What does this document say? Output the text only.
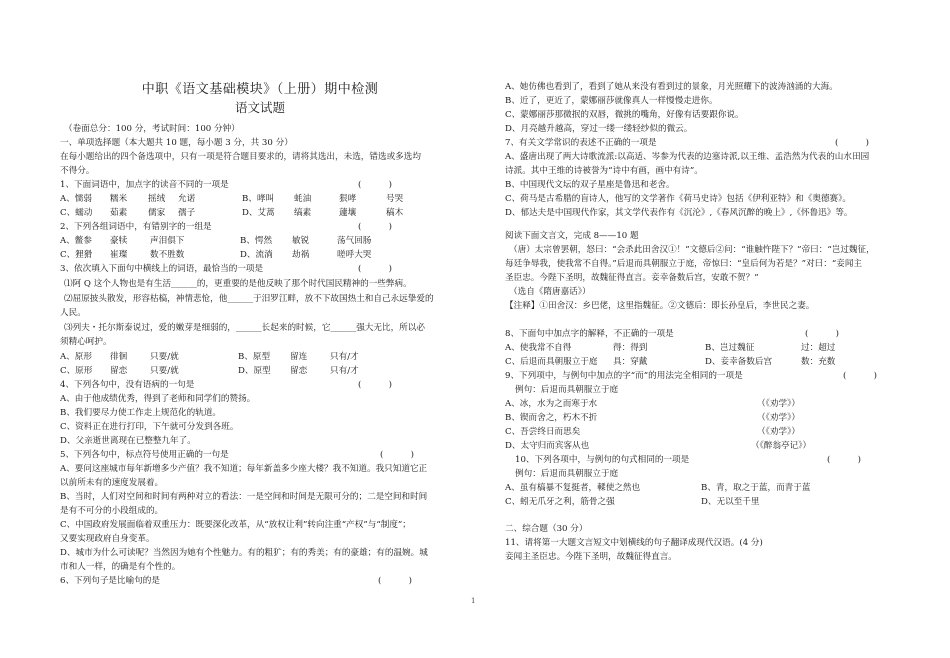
中职《语文基础模块》（上册）期中检测
语文试题
（卷面总分：100 分，考试时间：100 分钟）
一、单项选择题（本大题共 10 题，每小题 3 分，共 30 分）
在每小题给出的四个备选项中，只有一项是符合题目要求的，请将其选出，未选，错选或多选均
不得分。
1、下面词语中，加点字的读音不同的一项是	(          )
A、懦弱	糯米	摇绒	允诺	B、哮叫	蚝油	狠哮	号哭
C、蠕动	茹素	儒家	孺子	D、艾蒿	缟素	蘧壤	稿木
2、下列各组词语中，有错别字的一组是	(          )
A、鳖参	豪犊	声泪俱下	B、愕然	敏锐	荡气回肠
C、狸猾	崔璨	数不胜数	D、流淌	劫祸	嗟呼大哭
3、依次填入下面句中横线上的词语，最恰当的一项是	(          )
⑴阿 Q 这个人物也是有生活______的，更重要的是他反映了那个时代国民精神的一些弊病。
⑵屈原披头散发，形容枯槁，神情悲怆，他______于汨罗江畔，放不下故国热土和自己永远挚爱的
人民。
⑶列夫・托尔斯泰说过，爱的嫩芽是细弱的，______长起来的时候，它______强大无比，所以必
须精心呵护。
A、原形	徘徊	只要/就	B、原型	留连	只有/才
C、原形	留恋	只要/就	D、原型	留恋	只有/才
4、下列各句中，没有语病的一句是	(          )
A、由于他成绩优秀，得到了老师和同学们的赞扬。
B、我们要尽力使工作走上规范化的轨道。
C、资料正在进行打印，下午就可分发到各班。
D、父亲逝世离现在已整整九年了。
5、下列各句中，标点符号使用正确的一句是	(          )
A、要问这座城市每年新增多少产值？我不知道；每年新盖多少座大楼？我不知道。我只知道它正
以前所未有的速度发展着。
B、当时，人们对空间和时间有两种对立的看法：一是空间和时间是无限可分的；二是空间和时间
是有不可分的小段组成的。
C、中国政府发展面临着双重压力：既要深化改革，从“放权让利”转向注重“产权”与“制度”；
又要实现政府自身变革。
D、城市为什么可读呢？当然因为她有个性魅力。有的粗犷；有的秀美；有的豪雄；有的温婉。城
市和人一样，的确是有个性的。
6、下列句子是比喻句的是	(          )
A、她仿佛也看到了，看到了她从来没有看到过的景象，月光照耀下的波涛汹涌的大海。
B、近了，更近了，蒙娜丽莎就像真人一样慢慢走进你。
C、蒙娜丽莎那微抿的双唇，微挑的嘴角，好像有话要跟你说。
D、月亮越升越高，穿过一缕一缕轻纱似的微云。
7、有关文学常识的表述不正确的一项是	(          )
A、盛唐出现了两大诗歌流派:以高适、岑参为代表的边塞诗派,以王维、孟浩然为代表的山水田园
诗派。其中王维的诗被誉为“诗中有画，画中有诗”。
B、中国现代文坛的双子星座是鲁迅和老舍。
C、荷马是古希腊的盲诗人，他写的文学著作《荷马史诗》包括《伊利亚特》和《奥德赛》。
D、郁达夫是中国现代作家，其文学代表作有《沉沦》,《春风沉醉的晚上》,《怀鲁迅》等。
阅读下面文言文，完成 8——10 题
（唐）太宗曾罢朝，怒曰：“会杀此田舍汉①！”文德后②问：“谁触忤陛下？”帝曰：“岂过魏征，
每廷争辱我，使我常不自得。”后退而具朝服立于庭，帝惊曰：“皇后何为若是？”对曰：“妾闻主
圣臣忠。今陛下圣明，故魏征得直言。妾幸备数后宫，安敢不贺？”
（选自《隋唐嘉话》）
【注释】①田舍汉：乡巴佬，这里指魏征。②文德后：即长孙皇后，李世民之妻。
8、下面句中加点字的解释，不正确的一项是	(          )
A、使我常不自得	得：得到	B、岂过魏征	过：超过
C、后退而具朝服立于庭	具：穿戴	D、妾幸备数后宫	数：充数
9、下列项中，与例句中加点的字“而”的用法完全相同的一项是	(          )
例句：后退而具朝服立于庭
A、冰，水为之而寒于水	（《劝学》）
B、锲而舍之，朽木不折	（《劝学》）
C、吾尝终日而思矣	（《劝学》）
D、太守归而宾客从也	（《醉翁亭记》）
10、下列各项中，与例句的句式相同的一项是	(          )
例句：后退而具朝服立于庭
A、虽有槁暴不复挺者，輮使之然也	B、青，取之于蓝，而青于蓝
C、蚓无爪牙之利，筋骨之强	D、无以至千里
二、综合题（30 分）
11、请将第一大题文言短文中划横线的句子翻译成现代汉语。(4 分)
妾闻主圣臣忠。今陛下圣明，故魏征得直言。
1
